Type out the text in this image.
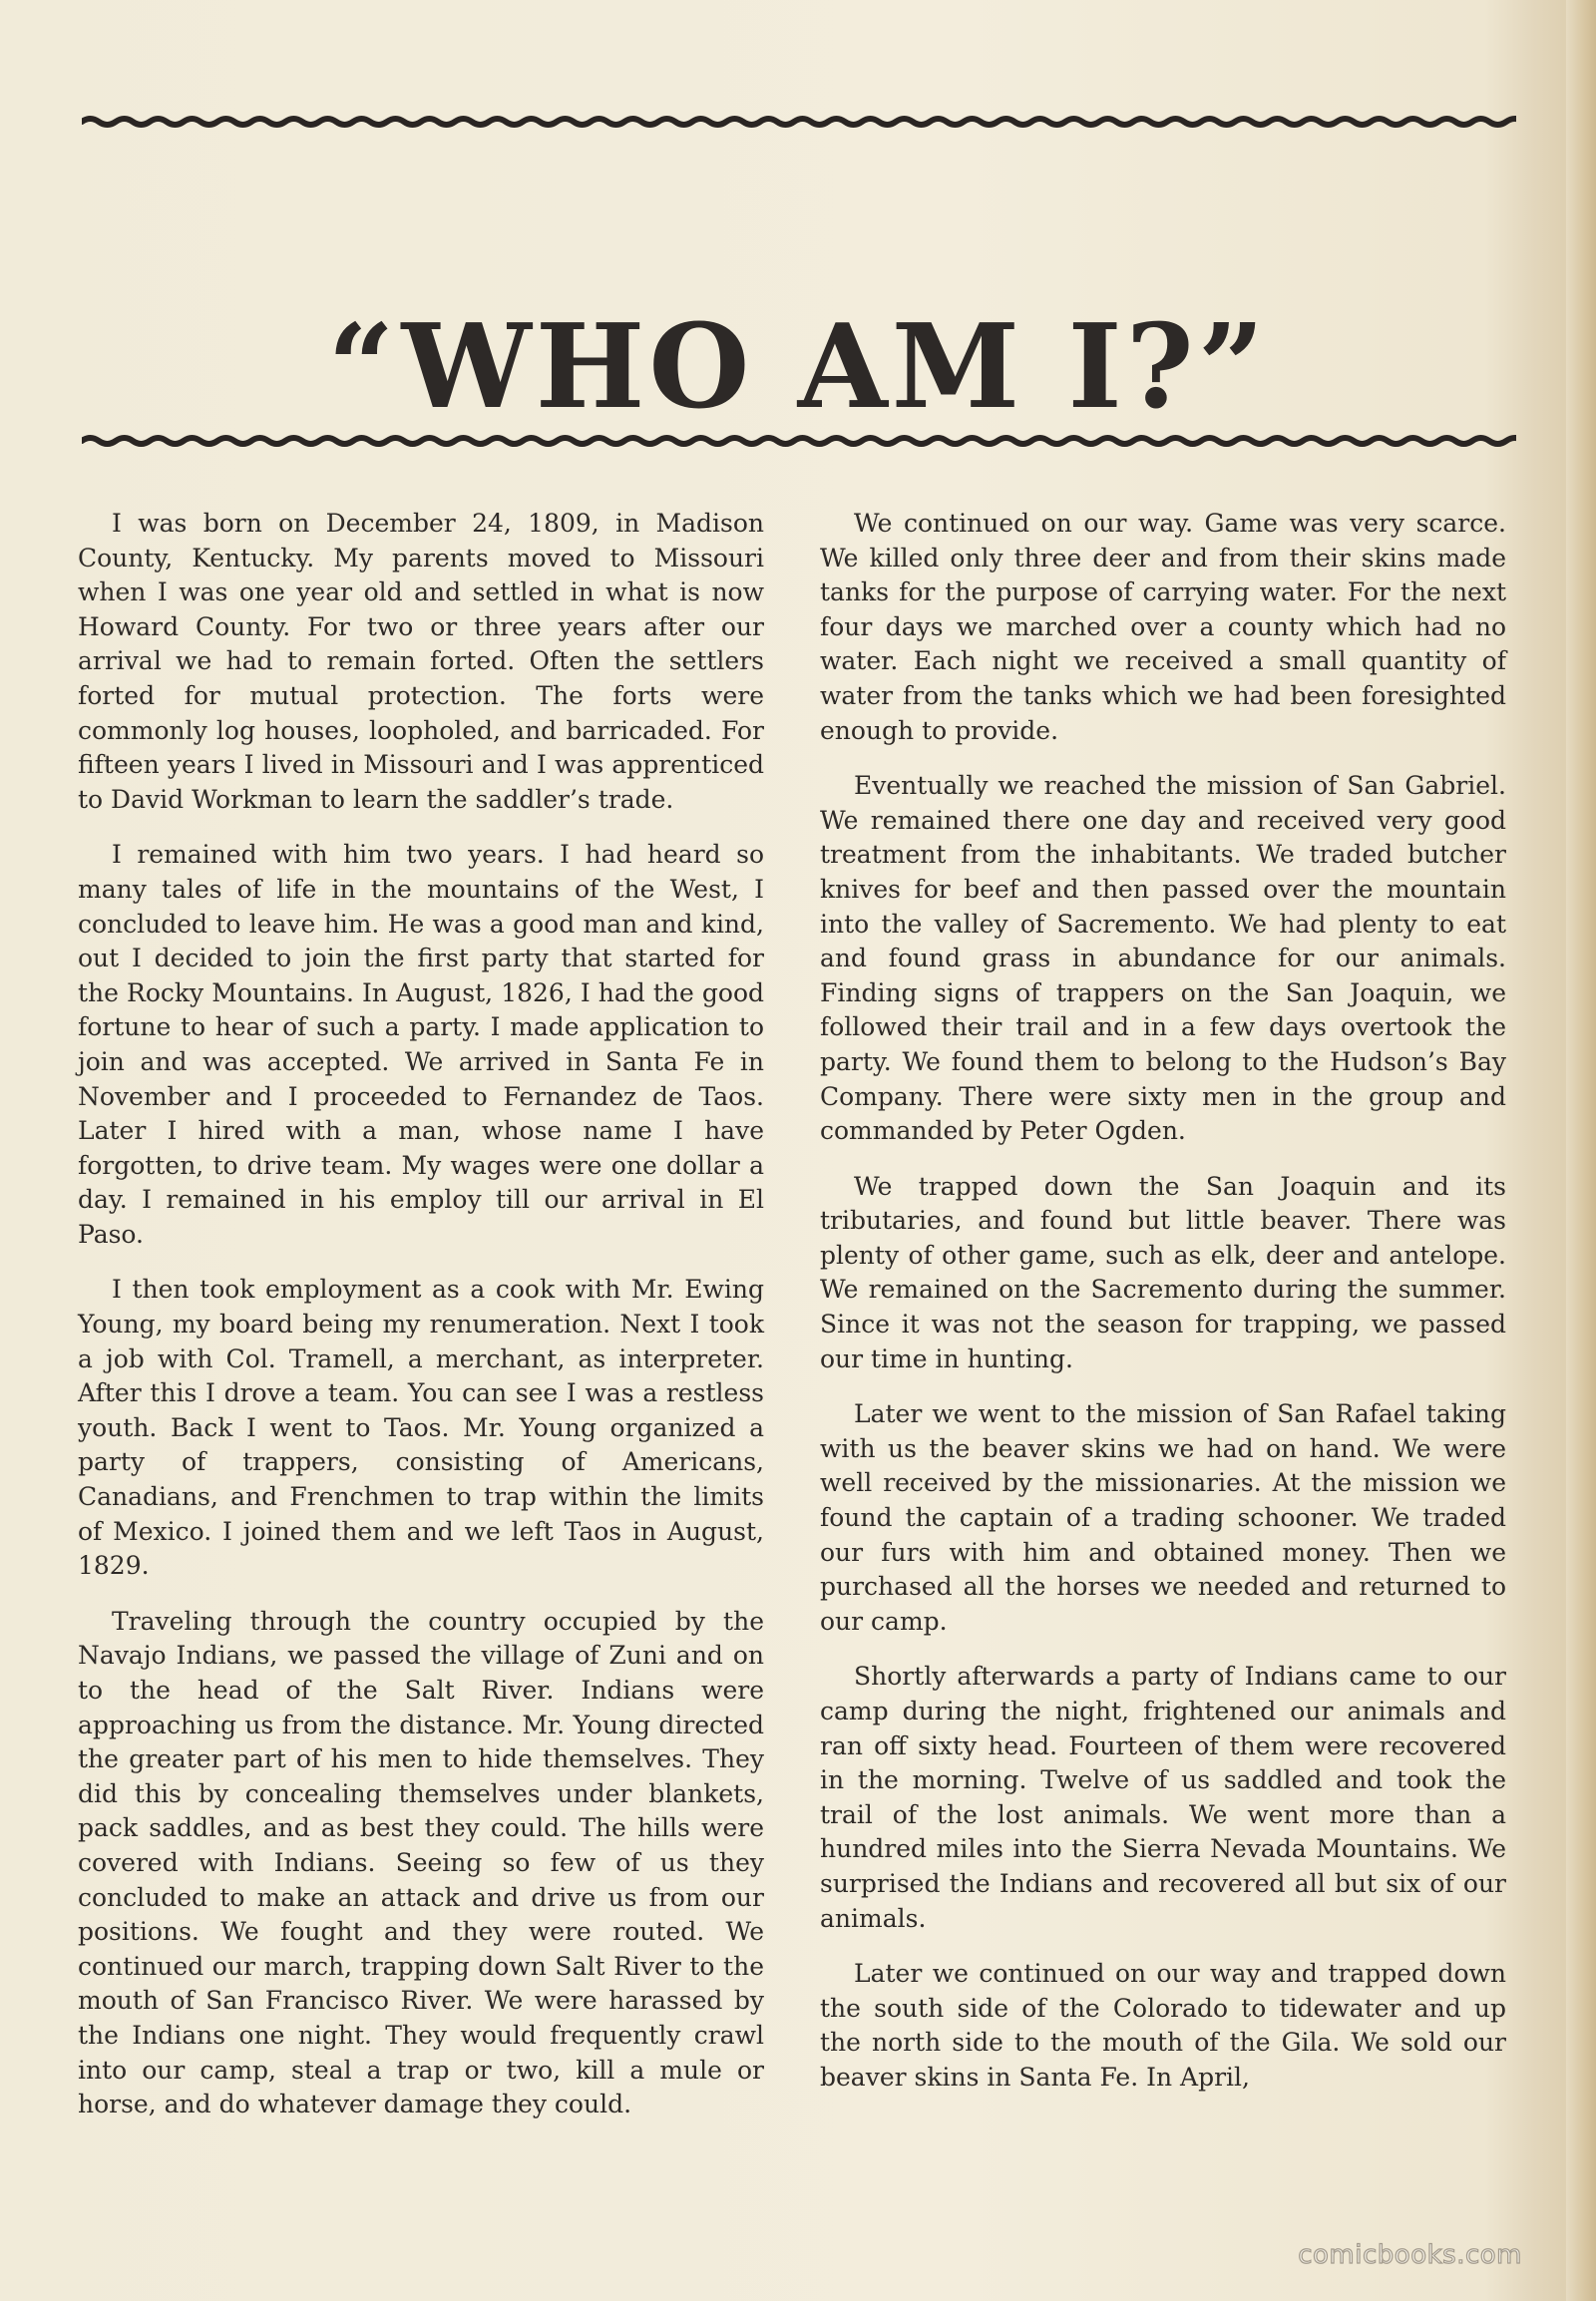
“WHO AM I?”

I was born on December 24, 1809, in Madison County, Kentucky. My parents moved to Missouri when I was one year old and settled in what is now Howard County. For two or three years after our arrival we had to remain forted. Often the settlers forted for mutual protection. The forts were commonly log houses, loopholed, and barricaded. For fifteen years I lived in Missouri and I was apprenticed to David Workman to learn the saddler’s trade.

I remained with him two years. I had heard so many tales of life in the mountains of the West, I concluded to leave him. He was a good man and kind, out I decided to join the first party that started for the Rocky Mountains. In August, 1826, I had the good fortune to hear of such a party. I made application to join and was accepted. We arrived in Santa Fe in November and I proceeded to Fernandez de Taos. Later I hired with a man, whose name I have forgotten, to drive team. My wages were one dollar a day. I remained in his employ till our arrival in El Paso.

I then took employment as a cook with Mr. Ewing Young, my board being my renumeration. Next I took a job with Col. Tramell, a merchant, as interpreter. After this I drove a team. You can see I was a restless youth. Back I went to Taos. Mr. Young organized a party of trappers, consisting of Americans, Canadians, and Frenchmen to trap within the limits of Mexico. I joined them and we left Taos in August, 1829.

Traveling through the country occupied by the Navajo Indians, we passed the village of Zuni and on to the head of the Salt River. Indians were approaching us from the distance. Mr. Young directed the greater part of his men to hide themselves. They did this by concealing themselves under blankets, pack saddles, and as best they could. The hills were covered with Indians. Seeing so few of us they concluded to make an attack and drive us from our positions. We fought and they were routed. We continued our march, trapping down Salt River to the mouth of San Francisco River. We were harassed by the Indians one night. They would frequently crawl into our camp, steal a trap or two, kill a mule or horse, and do whatever damage they could.

We continued on our way. Game was very scarce. We killed only three deer and from their skins made tanks for the purpose of carrying water. For the next four days we marched over a county which had no water. Each night we received a small quantity of water from the tanks which we had been foresighted enough to provide.

Eventually we reached the mission of San Gabriel. We remained there one day and received very good treatment from the inhabitants. We traded butcher knives for beef and then passed over the mountain into the valley of Sacremento. We had plenty to eat and found grass in abundance for our animals. Finding signs of trappers on the San Joaquin, we followed their trail and in a few days overtook the party. We found them to belong to the Hudson’s Bay Company. There were sixty men in the group and commanded by Peter Ogden.

We trapped down the San Joaquin and its tributaries, and found but little beaver. There was plenty of other game, such as elk, deer and antelope. We remained on the Sacremento during the summer. Since it was not the season for trapping, we passed our time in hunting.

Later we went to the mission of San Rafael taking with us the beaver skins we had on hand. We were well received by the missionaries. At the mission we found the captain of a trading schooner. We traded our furs with him and obtained money. Then we purchased all the horses we needed and returned to our camp.

Shortly afterwards a party of Indians came to our camp during the night, frightened our animals and ran off sixty head. Fourteen of them were recovered in the morning. Twelve of us saddled and took the trail of the lost animals. We went more than a hundred miles into the Sierra Nevada Mountains. We surprised the Indians and recovered all but six of our animals.

Later we continued on our way and trapped down the south side of the Colorado to tidewater and up the north side to the mouth of the Gila. We sold our beaver skins in Santa Fe. In April,

comicbooks.com
